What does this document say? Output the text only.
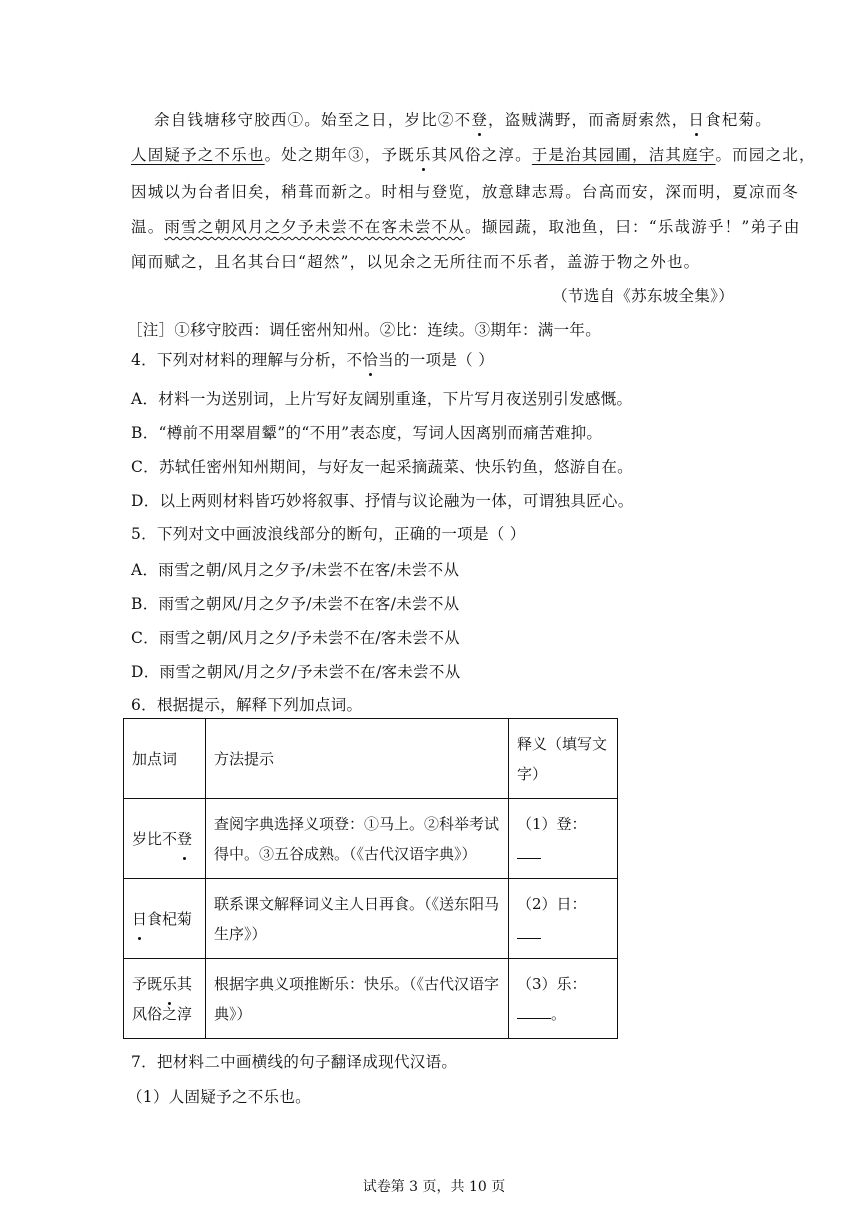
余自钱塘移守胶西①。始至之日，岁比②不登，盗贼满野，而斋厨索然，日食杞菊。
人固疑予之不乐也。处之期年③，予既乐其风俗之淳。于是治其园圃，洁其庭宇。而园之北，
因城以为台者旧矣，稍葺而新之。时相与登览，放意肆志焉。台高而安，深而明，夏凉而冬
温。雨雪之朝风月之夕予未尝不在客未尝不从。撷园蔬，取池鱼，曰：“乐哉游乎！”弟子由
闻而赋之，且名其台曰“超然”，以见余之无所往而不乐者，盖游于物之外也。
（节选自《苏东坡全集》）
［注］①移守胶西：调任密州知州。②比：连续。③期年：满一年。
4．下列对材料的理解与分析，不恰当的一项是（ ）
A．材料一为送别词，上片写好友阔别重逢，下片写月夜送别引发感慨。
B．“樽前不用翠眉颦”的“不用”表态度，写词人因离别而痛苦难抑。
C．苏轼任密州知州期间，与好友一起采摘蔬菜、快乐钓鱼，悠游自在。
D．以上两则材料皆巧妙将叙事、抒情与议论融为一体，可谓独具匠心。
5．下列对文中画波浪线部分的断句，正确的一项是（ ）
A．雨雪之朝/风月之夕予/未尝不在客/未尝不从
B．雨雪之朝风/月之夕予/未尝不在客/未尝不从
C．雨雪之朝/风月之夕/予未尝不在/客未尝不从
D．雨雪之朝风/月之夕/予未尝不在/客未尝不从
6．根据提示，解释下列加点词。
加点词	方法提示	释义（填写文字）
岁比不登	查阅字典选择义项登：①马上。②科举考试得中。③五谷成熟。（《古代汉语字典》）	（1）登：
日食杞菊	联系课文解释词义主人日再食。（《送东阳马生序》）	（2）日：
予既乐其风俗之淳	根据字典义项推断乐：快乐。（《古代汉语字典》）	（3）乐：。
7．把材料二中画横线的句子翻译成现代汉语。
（1）人固疑予之不乐也。
试卷第 3 页，共 10 页
